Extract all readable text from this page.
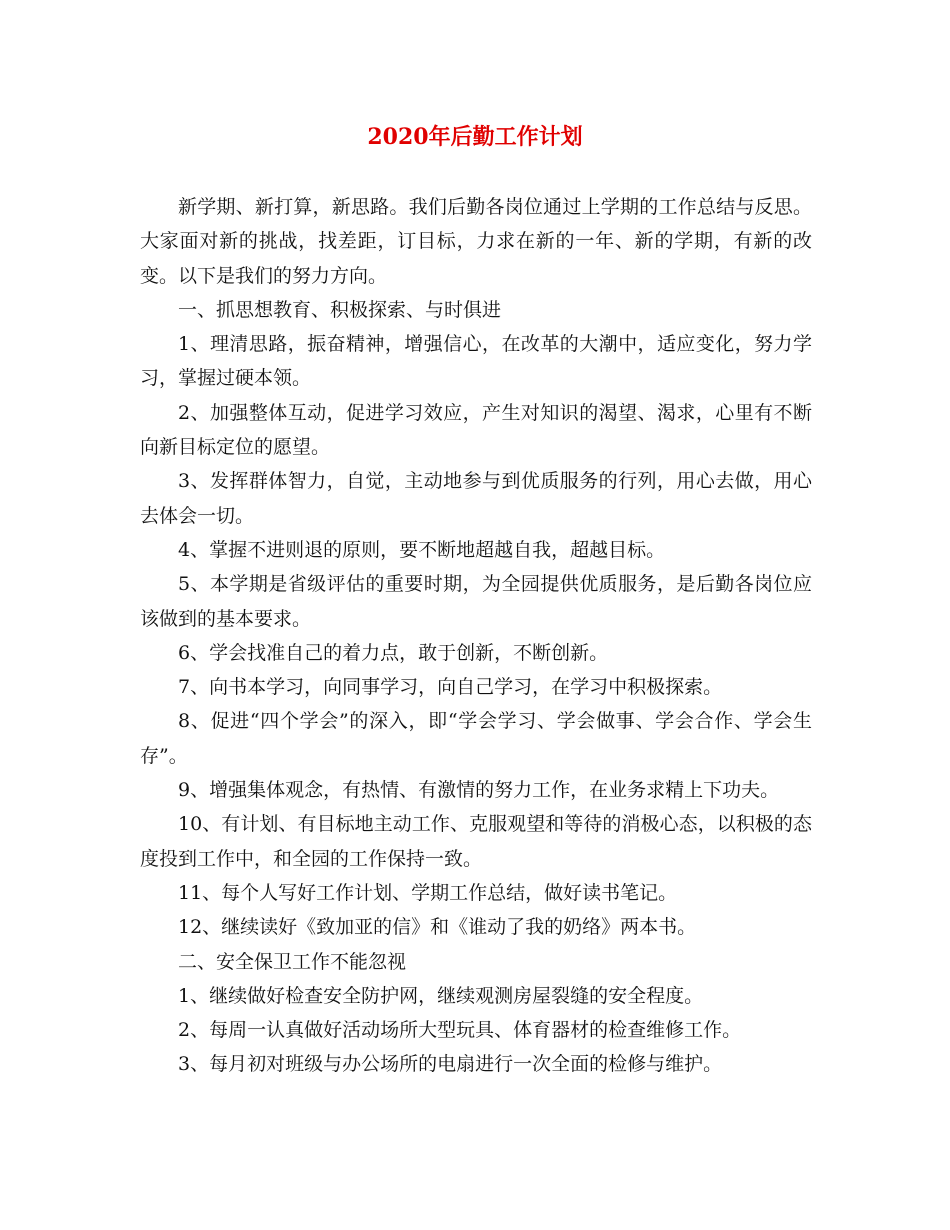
2020年后勤工作计划

新学期、新打算，新思路。我们后勤各岗位通过上学期的工作总结与反思。大家面对新的挑战，找差距，订目标，力求在新的一年、新的学期，有新的改变。以下是我们的努力方向。

一、抓思想教育、积极探索、与时俱进

1、理清思路，振奋精神，增强信心，在改革的大潮中，适应变化，努力学习，掌握过硬本领。

2、加强整体互动，促进学习效应，产生对知识的渴望、渴求，心里有不断向新目标定位的愿望。

3、发挥群体智力，自觉，主动地参与到优质服务的行列，用心去做，用心去体会一切。

4、掌握不进则退的原则，要不断地超越自我，超越目标。

5、本学期是省级评估的重要时期，为全园提供优质服务，是后勤各岗位应该做到的基本要求。

6、学会找准自己的着力点，敢于创新，不断创新。

7、向书本学习，向同事学习，向自己学习，在学习中积极探索。

8、促进“四个学会”的深入，即“学会学习、学会做事、学会合作、学会生存”。

9、增强集体观念，有热情、有激情的努力工作，在业务求精上下功夫。

10、有计划、有目标地主动工作、克服观望和等待的消极心态，以积极的态度投到工作中，和全园的工作保持一致。

11、每个人写好工作计划、学期工作总结，做好读书笔记。

12、继续读好《致加亚的信》和《谁动了我的奶络》两本书。

二、安全保卫工作不能忽视

1、继续做好检查安全防护网，继续观测房屋裂缝的安全程度。

2、每周一认真做好活动场所大型玩具、体育器材的检查维修工作。

3、每月初对班级与办公场所的电扇进行一次全面的检修与维护。
